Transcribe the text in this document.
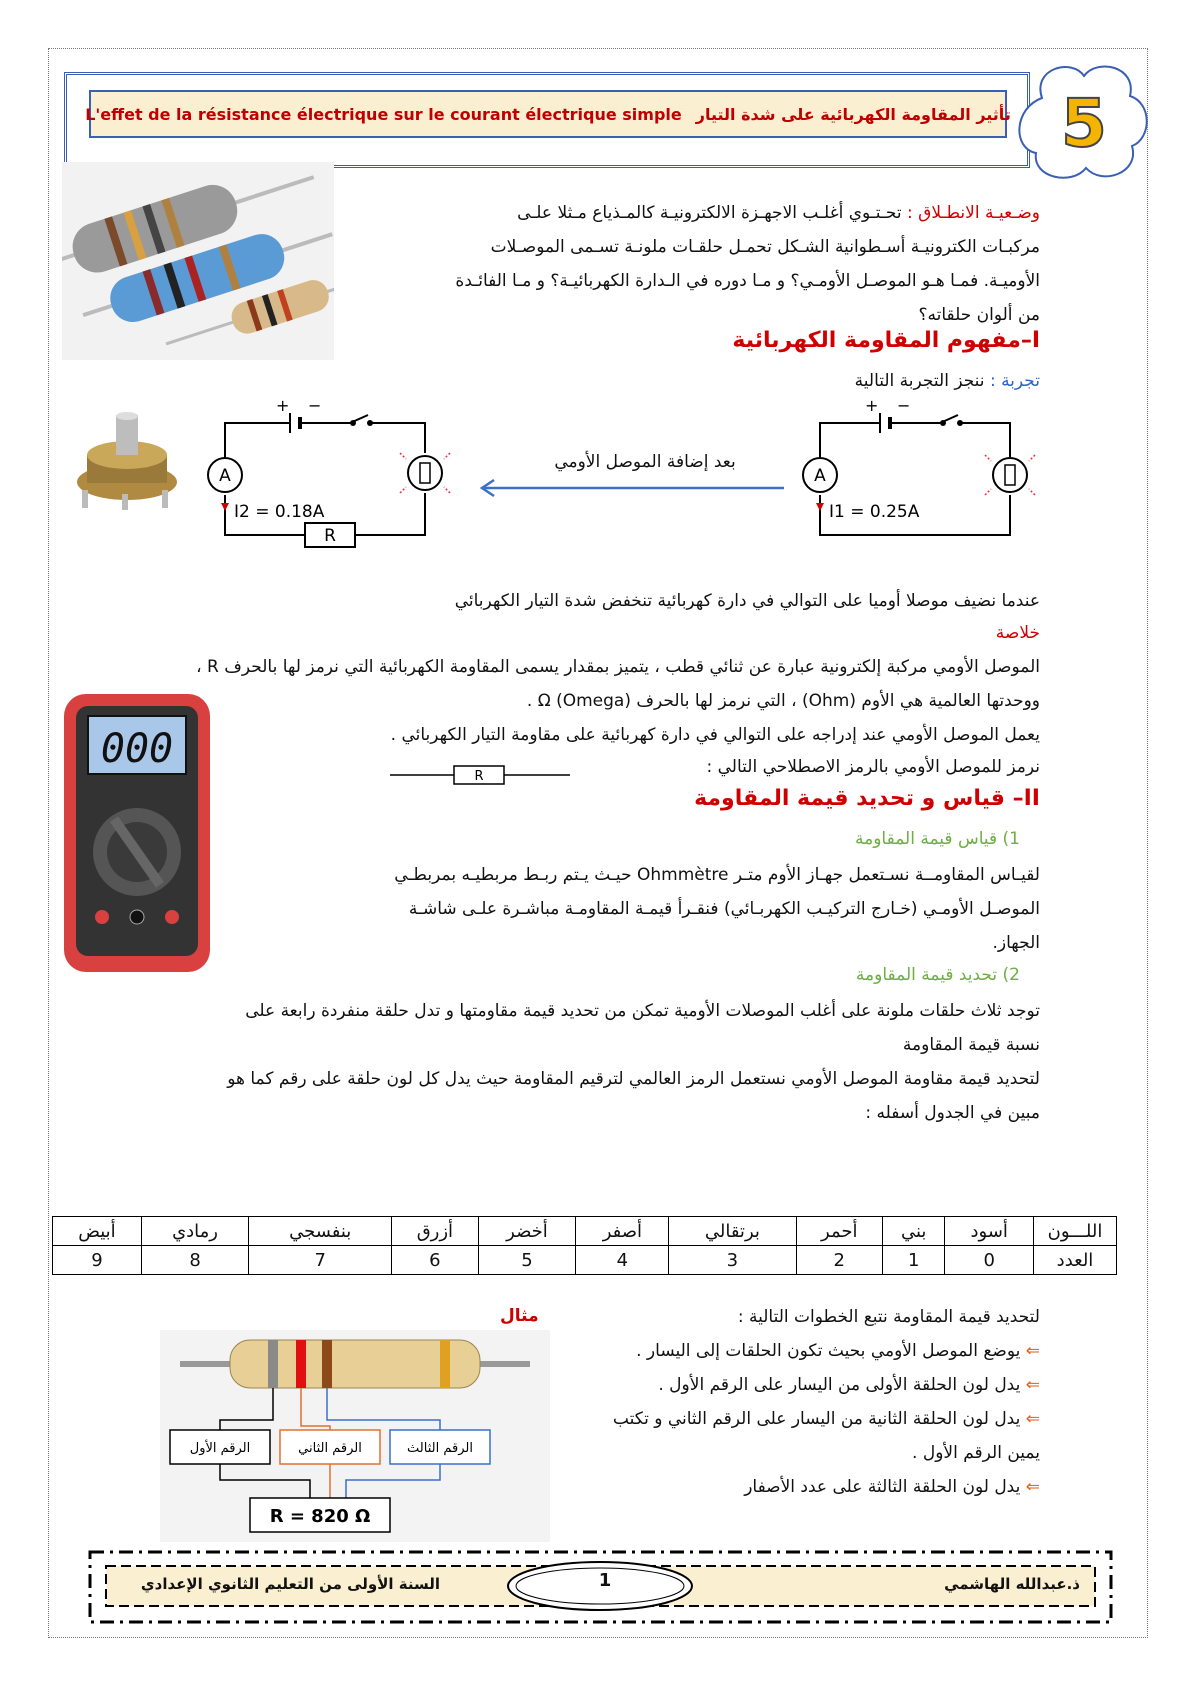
L'effet de la résistance électrique sur le courant électrique simple تأثير المقاومة الكهربائية على شدة التيار 5
وضـعيـة الانطـلاق : تحـتـوي أغلـب الاجهـزة الالكترونيـة كالمـذياع مـثلا علـى
مركبـات الكترونيـة أسـطوانية الشـكل تحمـل حلقـات ملونـة تسـمى الموصـلات
الأوميـة. فمـا هـو الموصـل الأومـي؟ و مـا دوره في الـدارة الكهربائيـة؟ و مـا الفائـدة
من ألوان حلقاته؟
I–مفهوم المقاومة الكهربائية
تجربة : ننجز التجربة التالية
+ −
A
I2 = 0.18A
R
بعد إضافة الموصل الأومي
+ −
A
I1 = 0.25A
عندما نضيف موصلا أوميا على التوالي في دارة كهربائية تنخفض شدة التيار الكهربائي
خلاصة
الموصل الأومي مركبة إلكترونية عبارة عن ثنائي قطب ، يتميز بمقدار يسمى المقاومة الكهربائية التي نرمز لها بالحرف R ،
ووحدتها العالمية هي الأوم (Ohm) ، التي نرمز لها بالحرف Ω (Omega) .
يعمل الموصل الأومي عند إدراجه على التوالي في دارة كهربائية على مقاومة التيار الكهربائي .
نرمز للموصل الأومي بالرمز الاصطلاحي التالي :
R
000
II– قياس و تحديد قيمة المقاومة
1) قياس قيمة المقاومة
لقيـاس المقاومــة نسـتعمل جهـاز الأوم متـر Ohmmètre حيـث يـتم ربـط مربطيـه بمربطـي
الموصـل الأومـي (خـارج التركيـب الكهربـائي) فنقـرأ قيمـة المقاومـة مباشـرة علـى شاشـة
الجهاز.
2) تحديد قيمة المقاومة
توجد ثلاث حلقات ملونة على أغلب الموصلات الأومية تمكن من تحديد قيمة مقاومتها و تدل حلقة منفردة رابعة على
نسبة قيمة المقاومة
لتحديد قيمة مقاومة الموصل الأومي نستعمل الرمز العالمي لترقيم المقاومة حيث يدل كل لون حلقة على رقم كما هو
مبين في الجدول أسفله :
اللـــون	أسود	بني	أحمر	برتقالي	أصفر	أخضر	أزرق	بنفسجي	رمادي	أبيض
العدد	0	1	2	3	4	5	6	7	8	9
لتحديد قيمة المقاومة نتبع الخطوات التالية :
⇐ يوضع الموصل الأومي بحيث تكون الحلقات إلى اليسار .
⇐ يدل لون الحلقة الأولى من اليسار على الرقم الأول .
⇐ يدل لون الحلقة الثانية من اليسار على الرقم الثاني و تكتب
يمين الرقم الأول .
⇐ يدل لون الحلقة الثالثة على عدد الأصفار
مثال
الرقم الأول	الرقم الثاني	الرقم الثالث
R = 820 Ω
ذ.عبدالله الهاشمي
1
السنة الأولى من التعليم الثانوي الإعدادي
